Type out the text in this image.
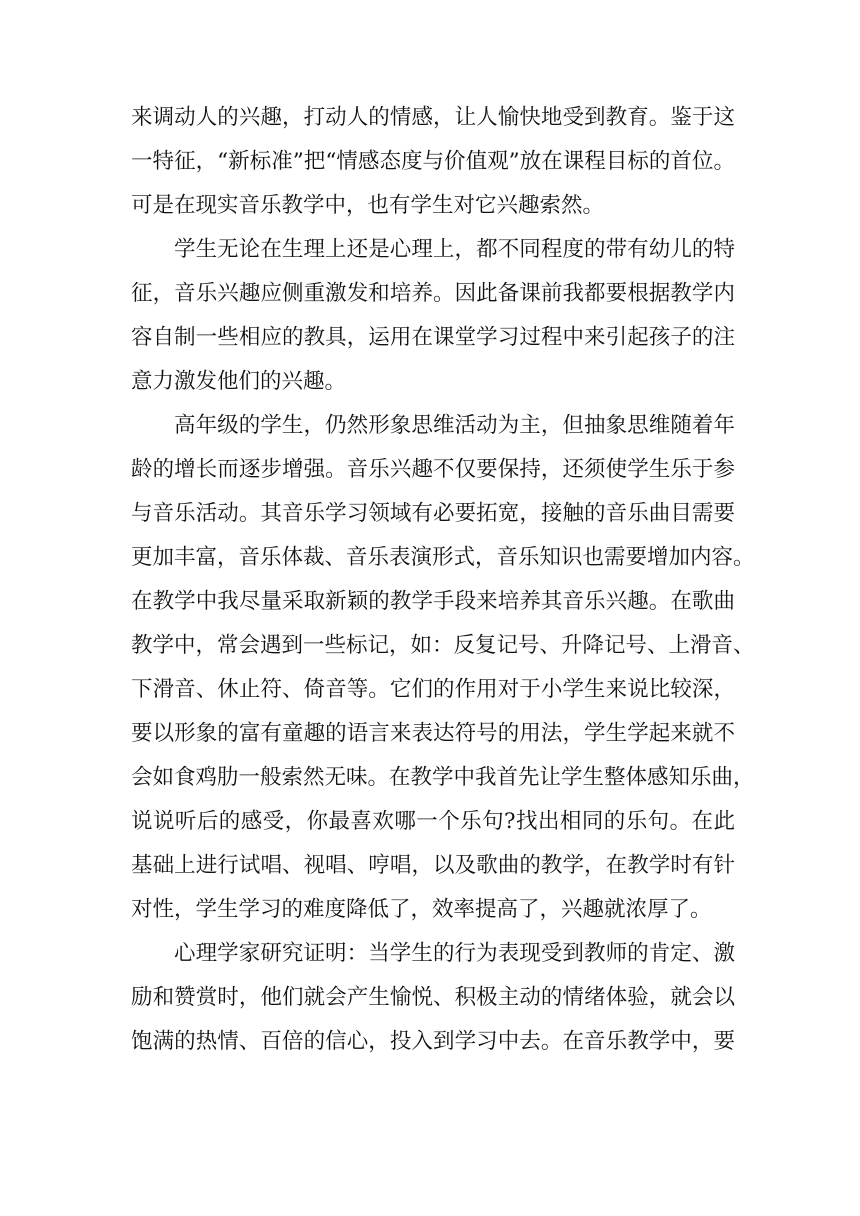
来调动人的兴趣，打动人的情感，让人愉快地受到教育。鉴于这
一特征，“新标准”把“情感态度与价值观”放在课程目标的首位。
可是在现实音乐教学中，也有学生对它兴趣索然。
学生无论在生理上还是心理上，都不同程度的带有幼儿的特
征，音乐兴趣应侧重激发和培养。因此备课前我都要根据教学内
容自制一些相应的教具，运用在课堂学习过程中来引起孩子的注
意力激发他们的兴趣。
高年级的学生，仍然形象思维活动为主，但抽象思维随着年
龄的增长而逐步增强。音乐兴趣不仅要保持，还须使学生乐于参
与音乐活动。其音乐学习领域有必要拓宽，接触的音乐曲目需要
更加丰富，音乐体裁、音乐表演形式，音乐知识也需要增加内容。
在教学中我尽量采取新颖的教学手段来培养其音乐兴趣。在歌曲
教学中，常会遇到一些标记，如：反复记号、升降记号、上滑音、
下滑音、休止符、倚音等。它们的作用对于小学生来说比较深，
要以形象的富有童趣的语言来表达符号的用法，学生学起来就不
会如食鸡肋一般索然无味。在教学中我首先让学生整体感知乐曲，
说说听后的感受，你最喜欢哪一个乐句?找出相同的乐句。在此
基础上进行试唱、视唱、哼唱，以及歌曲的教学，在教学时有针
对性，学生学习的难度降低了，效率提高了，兴趣就浓厚了。
心理学家研究证明：当学生的行为表现受到教师的肯定、激
励和赞赏时，他们就会产生愉悦、积极主动的情绪体验，就会以
饱满的热情、百倍的信心，投入到学习中去。在音乐教学中，要
